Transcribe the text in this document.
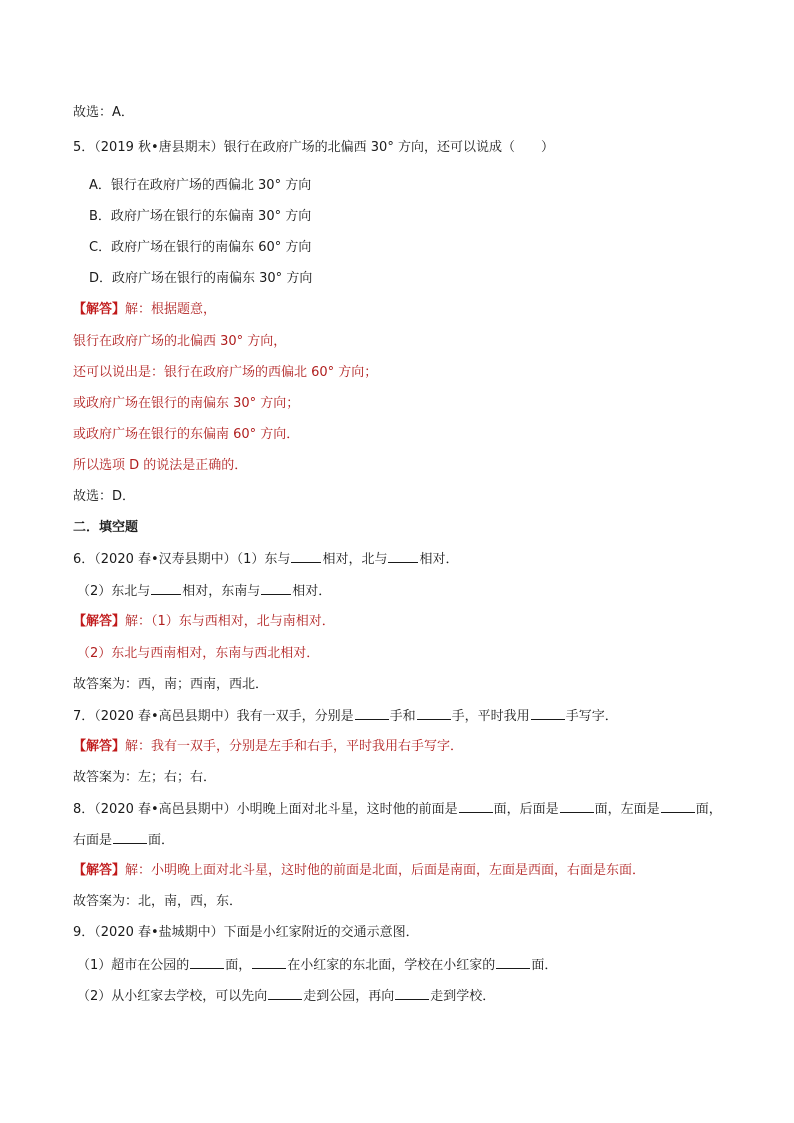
故选：A．
5．（2019 秋•唐县期末）银行在政府广场的北偏西 30° 方向，还可以说成（　　）
A．银行在政府广场的西偏北 30° 方向
B．政府广场在银行的东偏南 30° 方向
C．政府广场在银行的南偏东 60° 方向
D．政府广场在银行的南偏东 30° 方向
【解答】解：根据题意，
银行在政府广场的北偏西 30° 方向，
还可以说出是：银行在政府广场的西偏北 60° 方向；
或政府广场在银行的南偏东 30° 方向；
或政府广场在银行的东偏南 60° 方向．
所以选项 D 的说法是正确的．
故选：D．
二．填空题
6．（2020 春•汉寿县期中）（1）东与 相对，北与 相对．
（2）东北与 相对，东南与 相对．
【解答】解：（1）东与西相对，北与南相对．
（2）东北与西南相对，东南与西北相对．
故答案为：西，南；西南，西北．
7．（2020 春•高邑县期中）我有一双手，分别是	手和	手，平时我用	手写字．
【解答】解：我有一双手，分别是左手和右手，平时我用右手写字．
故答案为：左；右；右．
8．（2020 春•高邑县期中）小明晚上面对北斗星，这时他的前面是	面，后面是	面，左面是	面，
右面是	面．
【解答】解：小明晚上面对北斗星，这时他的前面是北面，后面是南面，左面是西面，右面是东面．
故答案为：北，南，西，东．
9．（2020 春•盐城期中）下面是小红家附近的交通示意图．
（1）超市在公园的	面，	在小红家的东北面，学校在小红家的	面．
（2）从小红家去学校，可以先向	走到公园，再向	走到学校．
